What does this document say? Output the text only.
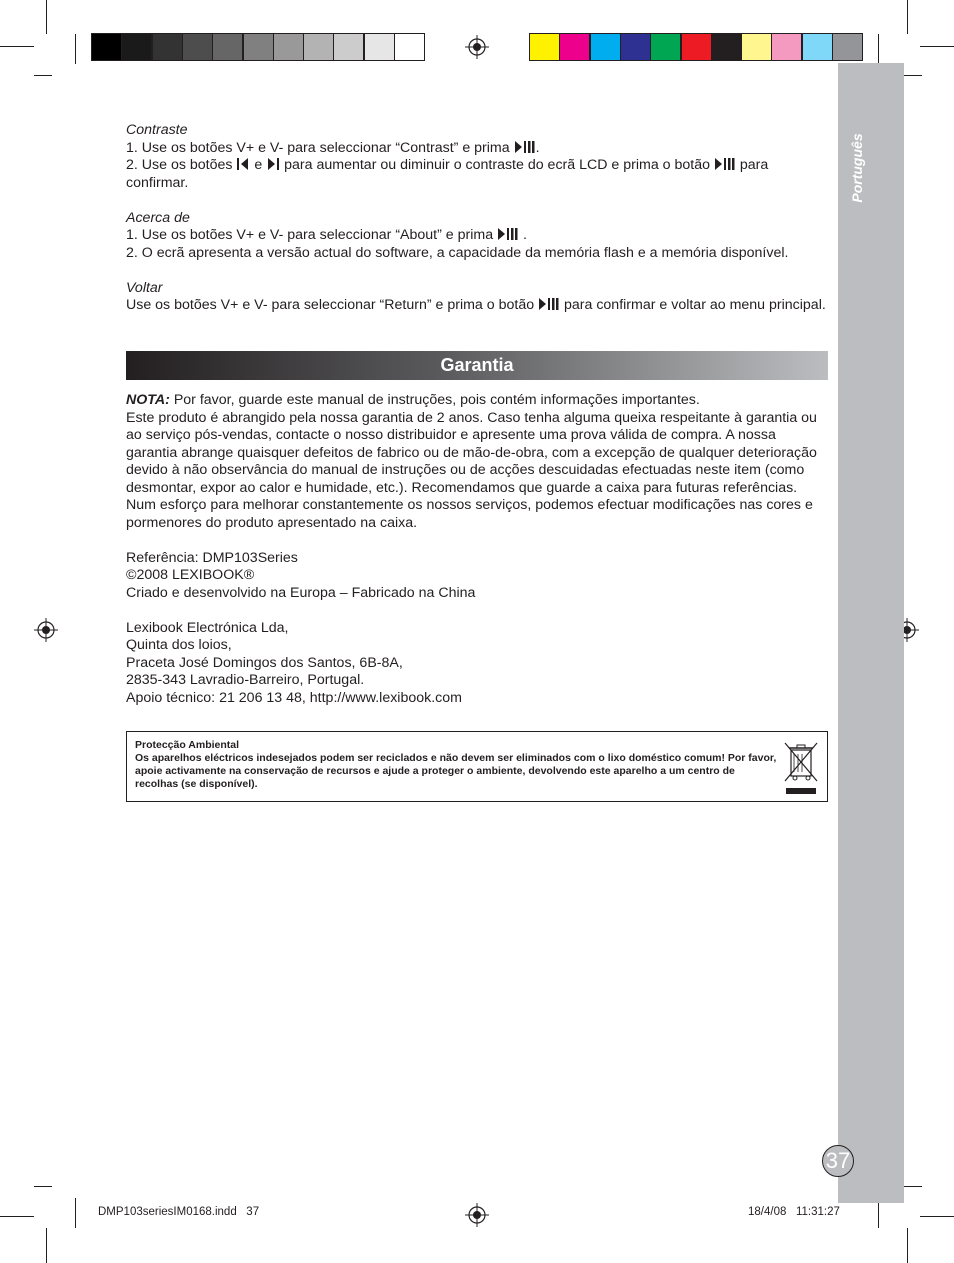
Português
37

Contraste

1. Use os botões V+ e V- para seleccionar “Contrast” e prima .

2. Use os botões  e  para aumentar ou diminuir o contraste do ecrã LCD e prima o botão  para confirmar.

Acerca de

1. Use os botões V+ e V- para seleccionar “About” e prima  .

2. O ecrã apresenta a versão actual do software, a capacidade da memória flash e a memória disponível.

Voltar

Use os botões V+ e V- para seleccionar “Return” e prima o botão  para confirmar e voltar ao menu principal.

Garantia

NOTA: Por favor, guarde este manual de instruções, pois contém informações importantes.

Este produto é abrangido pela nossa garantia de 2 anos. Caso tenha alguma queixa respeitante à garantia ou ao serviço pós-vendas, contacte o nosso distribuidor e apresente uma prova válida de compra. A nossa garantia abrange quaisquer defeitos de fabrico ou de mão-de-obra, com a excepção de qualquer deterioração devido à não observância do manual de instruções ou de acções descuidadas efectuadas neste item (como desmontar, expor ao calor e humidade, etc.). Recomendamos que guarde a caixa para futuras referências. Num esforço para melhorar constantemente os nossos serviços, podemos efectuar modificações nas cores e pormenores do produto apresentado na caixa.

Referência: DMP103Series

©2008 LEXIBOOK®

Criado e desenvolvido na Europa – Fabricado na China

Lexibook Electrónica Lda,

Quinta dos loios,

Praceta José Domingos dos Santos, 6B-8A,

2835-343 Lavradio-Barreiro, Portugal.

Apoio técnico: 21 206 13 48, http://www.lexibook.com

Protecção Ambiental
Os aparelhos eléctricos indesejados podem ser reciclados e não devem ser eliminados com o lixo doméstico comum! Por favor, apoie activamente na conservação de recursos e ajude a proteger o ambiente, devolvendo este aparelho a um centro de recolhas (se disponível).
DMP103seriesIM0168.indd   37	18/4/08   11:31:27
